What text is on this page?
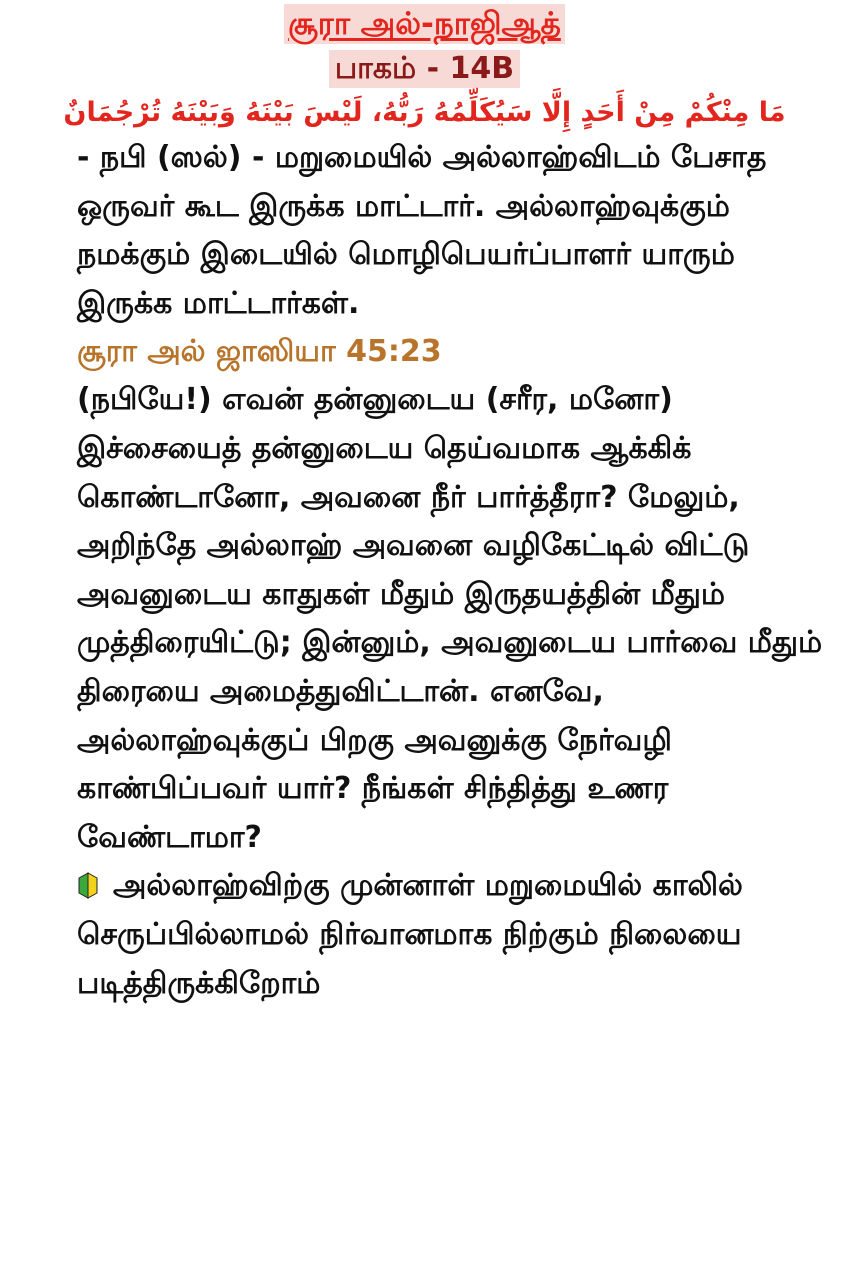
சூரா அல்-நாஜிஆத்
பாகம் - 14B
مَا مِنْكُمْ مِنْ أَحَدٍ إِلَّا سَيُكَلِّمُهُ رَبُّهُ، لَيْسَ بَيْنَهُ وَبَيْنَهُ تُرْجُمَانٌ

- நபி (ஸல்) - மறுமையில் அல்லாஹ்விடம் பேசாத ஒருவர் கூட இருக்க மாட்டார். அல்லாஹ்வுக்கும் நமக்கும் இடையில் மொழிபெயர்ப்பாளர் யாரும் இருக்க மாட்டார்கள்.

சூரா அல் ஜாஸியா 45:23

(நபியே!) எவன் தன்னுடைய (சரீர, மனோ) இச்சையைத் தன்னுடைய தெய்வமாக ஆக்கிக் கொண்டானோ, அவனை நீர் பார்த்தீரா? மேலும், அறிந்தே அல்லாஹ் அவனை வழிகேட்டில் விட்டு அவனுடைய காதுகள் மீதும் இருதயத்தின் மீதும் முத்திரையிட்டு; இன்னும், அவனுடைய பார்வை மீதும் திரையை அமைத்துவிட்டான். எனவே, அல்லாஹ்வுக்குப் பிறகு அவனுக்கு நேர்வழி காண்பிப்பவர் யார்? நீங்கள் சிந்தித்து உணர வேண்டாமா?

அல்லாஹ்விற்கு முன்னாள் மறுமையில் காலில் செருப்பில்லாமல் நிர்வானமாக நிற்கும் நிலையை படித்திருக்கிறோம்
